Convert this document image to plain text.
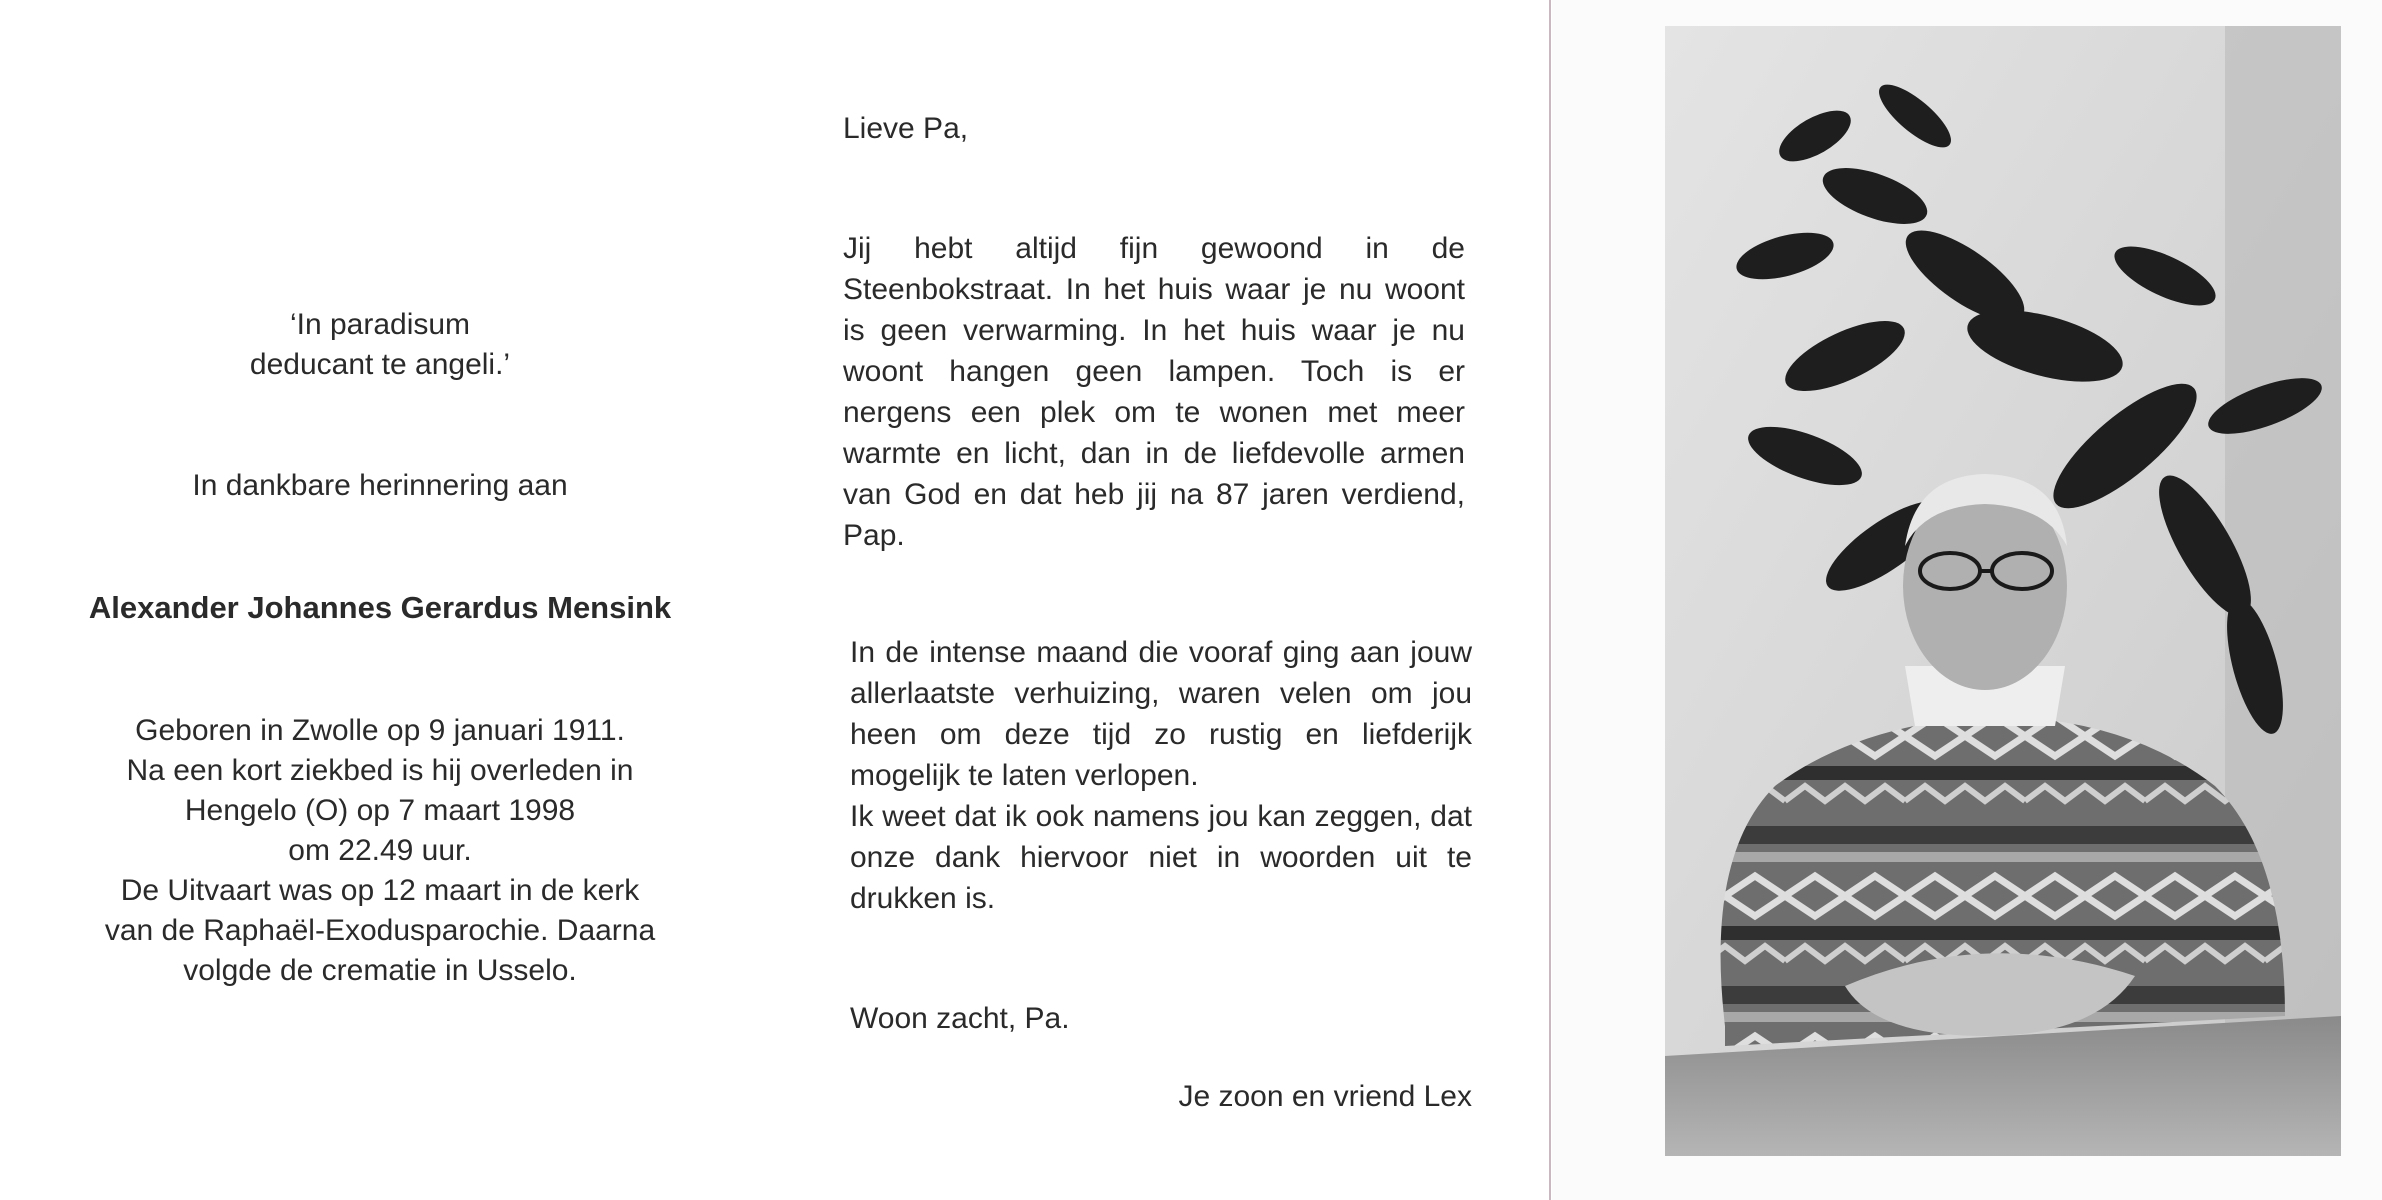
‘In paradisum
deducant te angeli.’
In dankbare herinnering aan
Alexander Johannes Gerardus Mensink
Geboren in Zwolle op 9 januari 1911.
Na een kort ziekbed is hij overleden in
Hengelo (O) op 7 maart 1998
om 22.49 uur.
De Uitvaart was op 12 maart in de kerk
van de Raphaël-Exodusparochie. Daarna
volgde de crematie in Usselo.
Lieve Pa,
Jij hebt altijd fijn gewoond in de Steenbokstraat. In het huis waar je nu woont is geen verwarming. In het huis waar je nu woont hangen geen lampen. Toch is er nergens een plek om te wonen met meer warmte en licht, dan in de liefdevolle armen van God en dat heb jij na 87 jaren verdiend, Pap.
In de intense maand die vooraf ging aan jouw allerlaatste verhuizing, waren velen om jou heen om deze tijd zo rustig en liefderijk mogelijk te laten verlopen.
Ik weet dat ik ook namens jou kan zeggen, dat onze dank hiervoor niet in woorden uit te drukken is.
Woon zacht, Pa.
Je zoon en vriend Lex
